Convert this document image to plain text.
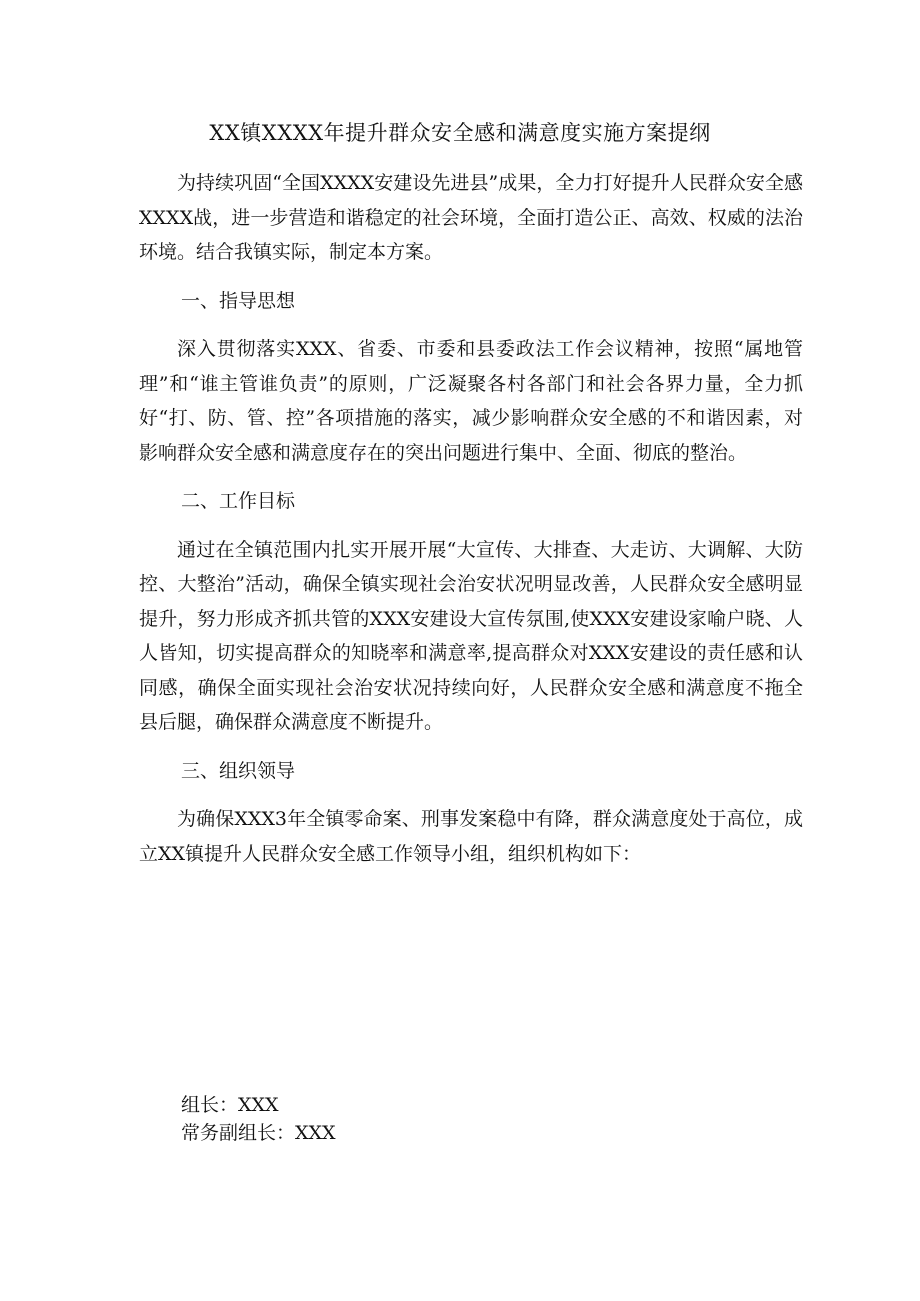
XX镇XXXX年提升群众安全感和满意度实施方案提纲

为持续巩固“全国XXXX安建设先进县”成果，全力打好提升人民群众安全感XXXX战，进一步营造和谐稳定的社会环境，全面打造公正、高效、权威的法治环境。结合我镇实际，制定本方案。

一、指导思想

深入贯彻落实XXX、省委、市委和县委政法工作会议精神，按照“属地管理”和“谁主管谁负责”的原则，广泛凝聚各村各部门和社会各界力量，全力抓好“打、防、管、控”各项措施的落实，减少影响群众安全感的不和谐因素，对影响群众安全感和满意度存在的突出问题进行集中、全面、彻底的整治。

二、工作目标

通过在全镇范围内扎实开展开展“大宣传、大排查、大走访、大调解、大防控、大整治”活动，确保全镇实现社会治安状况明显改善，人民群众安全感明显提升，努力形成齐抓共管的XXX安建设大宣传氛围,使XXX安建设家喻户晓、人人皆知，切实提高群众的知晓率和满意率,提高群众对XXX安建设的责任感和认同感，确保全面实现社会治安状况持续向好，人民群众安全感和满意度不拖全县后腿，确保群众满意度不断提升。

三、组织领导

为确保XXX3年全镇零命案、刑事发案稳中有降，群众满意度处于高位，成立XX镇提升人民群众安全感工作领导小组，组织机构如下：

组长：XXX

常务副组长：XXX
